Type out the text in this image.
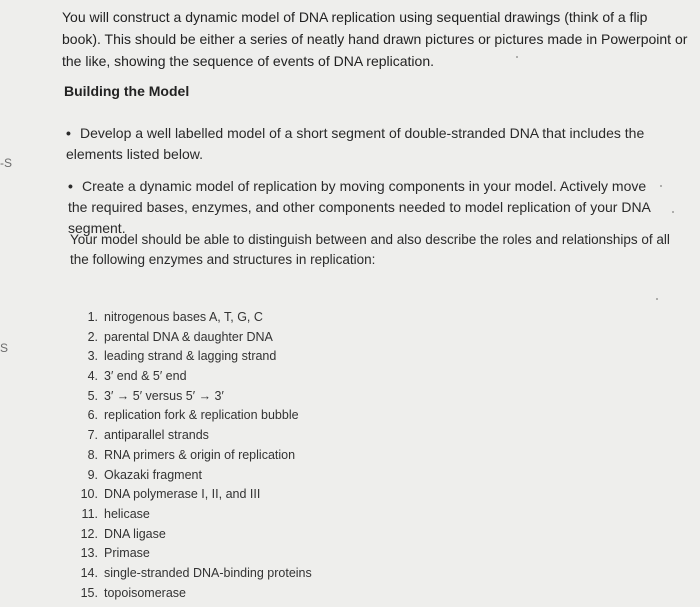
-S
S
You will construct a dynamic model of DNA replication using sequential drawings (think of a flip book). This should be either a series of neatly hand drawn pictures or pictures made in Powerpoint or the like, showing the sequence of events of DNA replication.
Building the Model
• Develop a well labelled model of a short segment of double-stranded DNA that includes the elements listed below.
• Create a dynamic model of replication by moving components in your model. Actively move the required bases, enzymes, and other components needed to model replication of your DNA segment.
Your model should be able to distinguish between and also describe the roles and relationships of all the following enzymes and structures in replication:
1. nitrogenous bases A, T, G, C
2. parental DNA & daughter DNA
3. leading strand & lagging strand
4. 3′ end & 5′ end
5. 3′ → 5′ versus 5′ → 3′
6. replication fork & replication bubble
7. antiparallel strands
8. RNA primers & origin of replication
9. Okazaki fragment
10. DNA polymerase I, II, and III
11. helicase
12. DNA ligase
13. Primase
14. single-stranded DNA-binding proteins
15. topoisomerase
